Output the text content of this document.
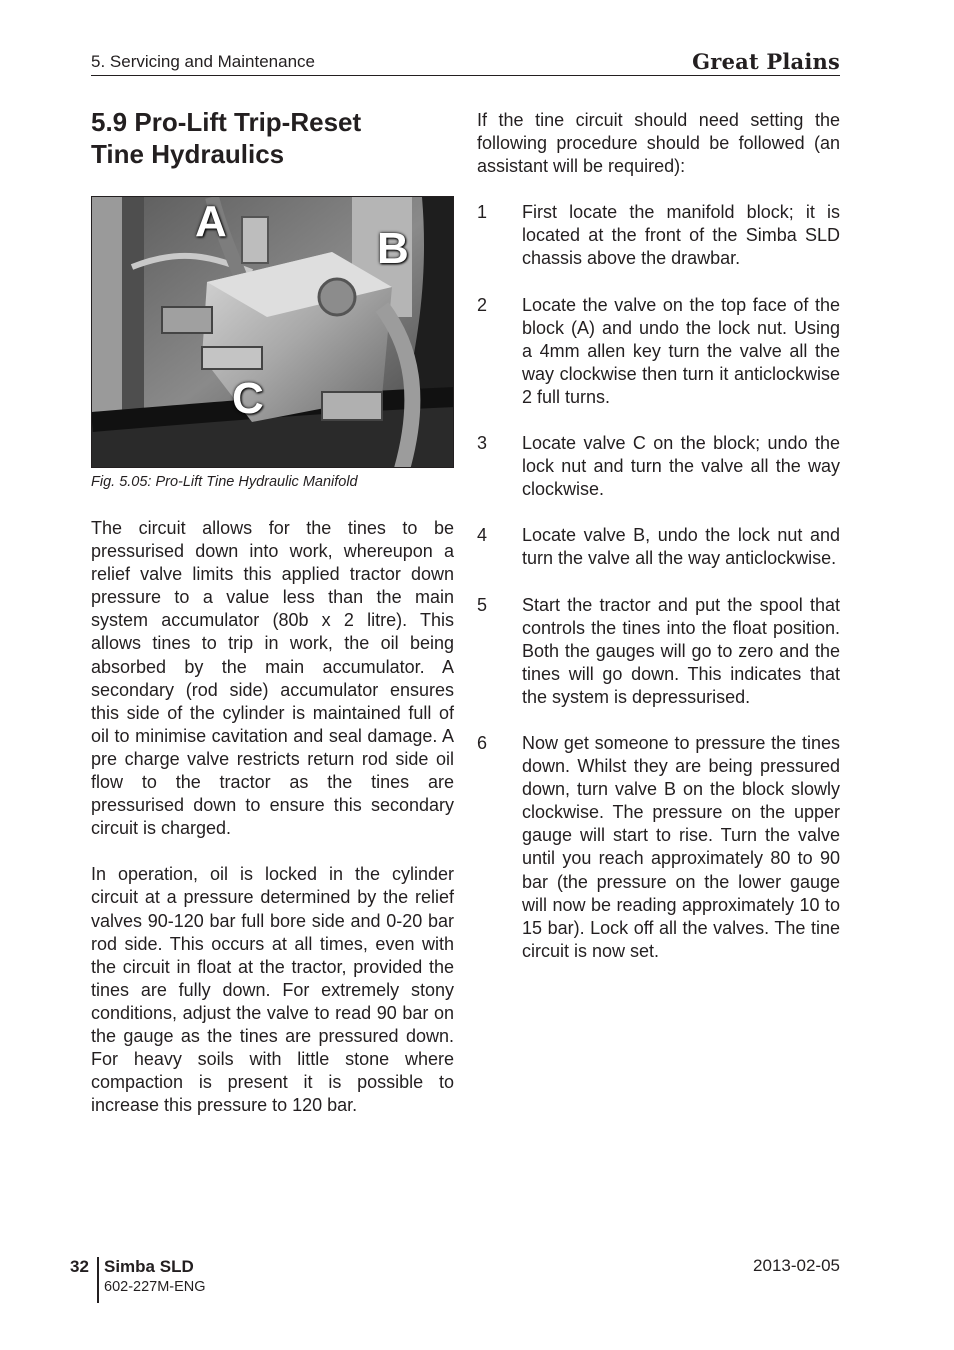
5. Servicing and Maintenance	Great Plains
5.9 Pro-Lift Trip-Reset
Tine Hydraulics
A
B
C
Fig. 5.05: Pro-Lift Tine Hydraulic Manifold

The circuit allows for the tines to be pressurised down into work, whereupon a relief valve limits this applied tractor down pressure to a value less than the main system accumulator (80b x 2 litre). This allows tines to trip in work, the oil being absorbed by the main accumulator. A secondary (rod side) accumulator ensures this side of the cylinder is maintained full of oil to minimise cavitation and seal damage. A pre charge valve restricts return rod side oil flow to the tractor as the tines are pressurised down to ensure this secondary circuit is charged.

In operation, oil is locked in the cylinder circuit at a pressure determined by the relief valves 90-120 bar full bore side and 0-20 bar rod side. This occurs at all times, even with the circuit in float at the tractor, provided the tines are fully down. For extremely stony conditions, adjust the valve to read 90 bar on the gauge as the tines are pressured down. For heavy soils with little stone where compaction is present it is possible to increase this pressure to 120 bar.

If the tine circuit should need setting the following procedure should be followed (an assistant will be required):

1	First locate the manifold block; it is located at the front of the Simba SLD chassis above the drawbar.
2	Locate the valve on the top face of the block (A) and undo the lock nut. Using a 4mm allen key turn the valve all the way clockwise then turn it anticlockwise 2 full turns.
3	Locate valve C on the block; undo the lock nut and turn the valve all the way clockwise.
4	Locate valve B, undo the lock nut and turn the valve all the way anticlockwise.
5	Start the tractor and put the spool that controls the tines into the float position. Both the gauges will go to zero and the tines will go down. This indicates that the system is depressurised.
6	Now get someone to pressure the tines down. Whilst they are being pressured down, turn valve B on the block slowly clockwise. The pressure on the upper gauge will start to rise. Turn the valve until you reach approximately 80 to 90 bar (the pressure on the lower gauge will now be reading approximately 10 to 15 bar). Lock off all the valves. The tine circuit is now set.
32 Simba SLD
602-227M-ENG
2013-02-05
